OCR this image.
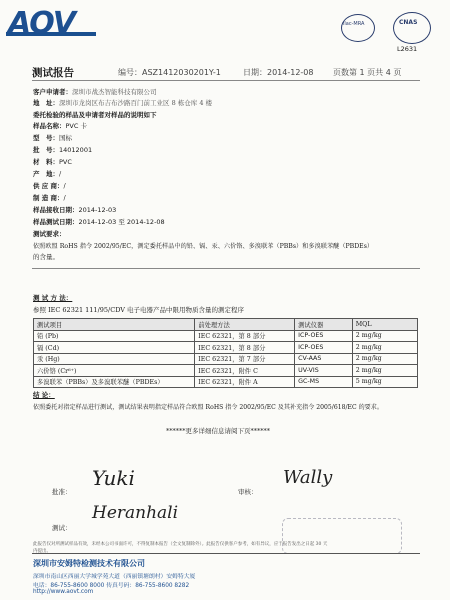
AOV	ilac-MRA	CNAS
L2631
测试报告	编号：ASZ1412030201Y-1	日期：2014-12-08 页数第 1 页共 4 页
客户申请者：深圳市战杰智能科技有限公司
地　址：深圳市龙岗区布吉布沙路百门前工业区 8 栋仓库 4 楼
委托检验的样品及申请者对样品的说明如下
样品名称：PVC 卡
型　号：国标
批　号：14012001
材　料：PVC
产　地：/
供 应 商：/
制 造 商：/
样品接收日期：2014-12-03
样品测试日期：2014-12-03 至 2014-12-08
测试要求：
依照欧盟 RoHS 指令 2002/95/EC，测定委托样品中的铅、镉、汞、六价铬、多溴联苯（PBBs）和多溴联苯醚（PBDEs）
的含量。
测 试 方 法：
参照 IEC 62321 111/95/CDV 电子电器产品中限用物质含量的测定程序
测试项目	前处理方法	测试仪器	MQL
铅 (Pb)	IEC 62321，第 8 部分	ICP-OES	2 mg/kg
镉 (Cd)	IEC 62321，第 8 部分	ICP-OES	2 mg/kg
汞 (Hg)	IEC 62321，第 7 部分	CV-AAS	2 mg/kg
六价铬 (Cr⁶⁺)	IEC 62321，附件 C	UV-VIS	2 mg/kg
多溴联苯（PBBs）及多溴联苯醚（PBDEs）	IEC 62321，附件 A	GC-MS	5 mg/kg
结 论：
依照委托对指定样品进行测试，测试结果表明指定样品符合欧盟 RoHS 指令 2002/95/EC 及其补充指令 2005/618/EC 的要求。
******更多详细信息请阅下页******
批准：
Yuki
测试：
Heranhali
审核：
Wally
此报告仅对所测试样品有效，未经本公司书面许可，不得复制本报告（全文复制除外）。此报告仅供客户参考，如有异议，应于报告发出之日起 30 天
内提出。
深圳市安姆特检测技术有限公司
深圳市南山区西丽大学城学苑大道（西丽镇塘朗村）安姆特大厦
电话：86-755-8600 8000 传真号码：86-755-8600 8282
http://www.aovt.com
